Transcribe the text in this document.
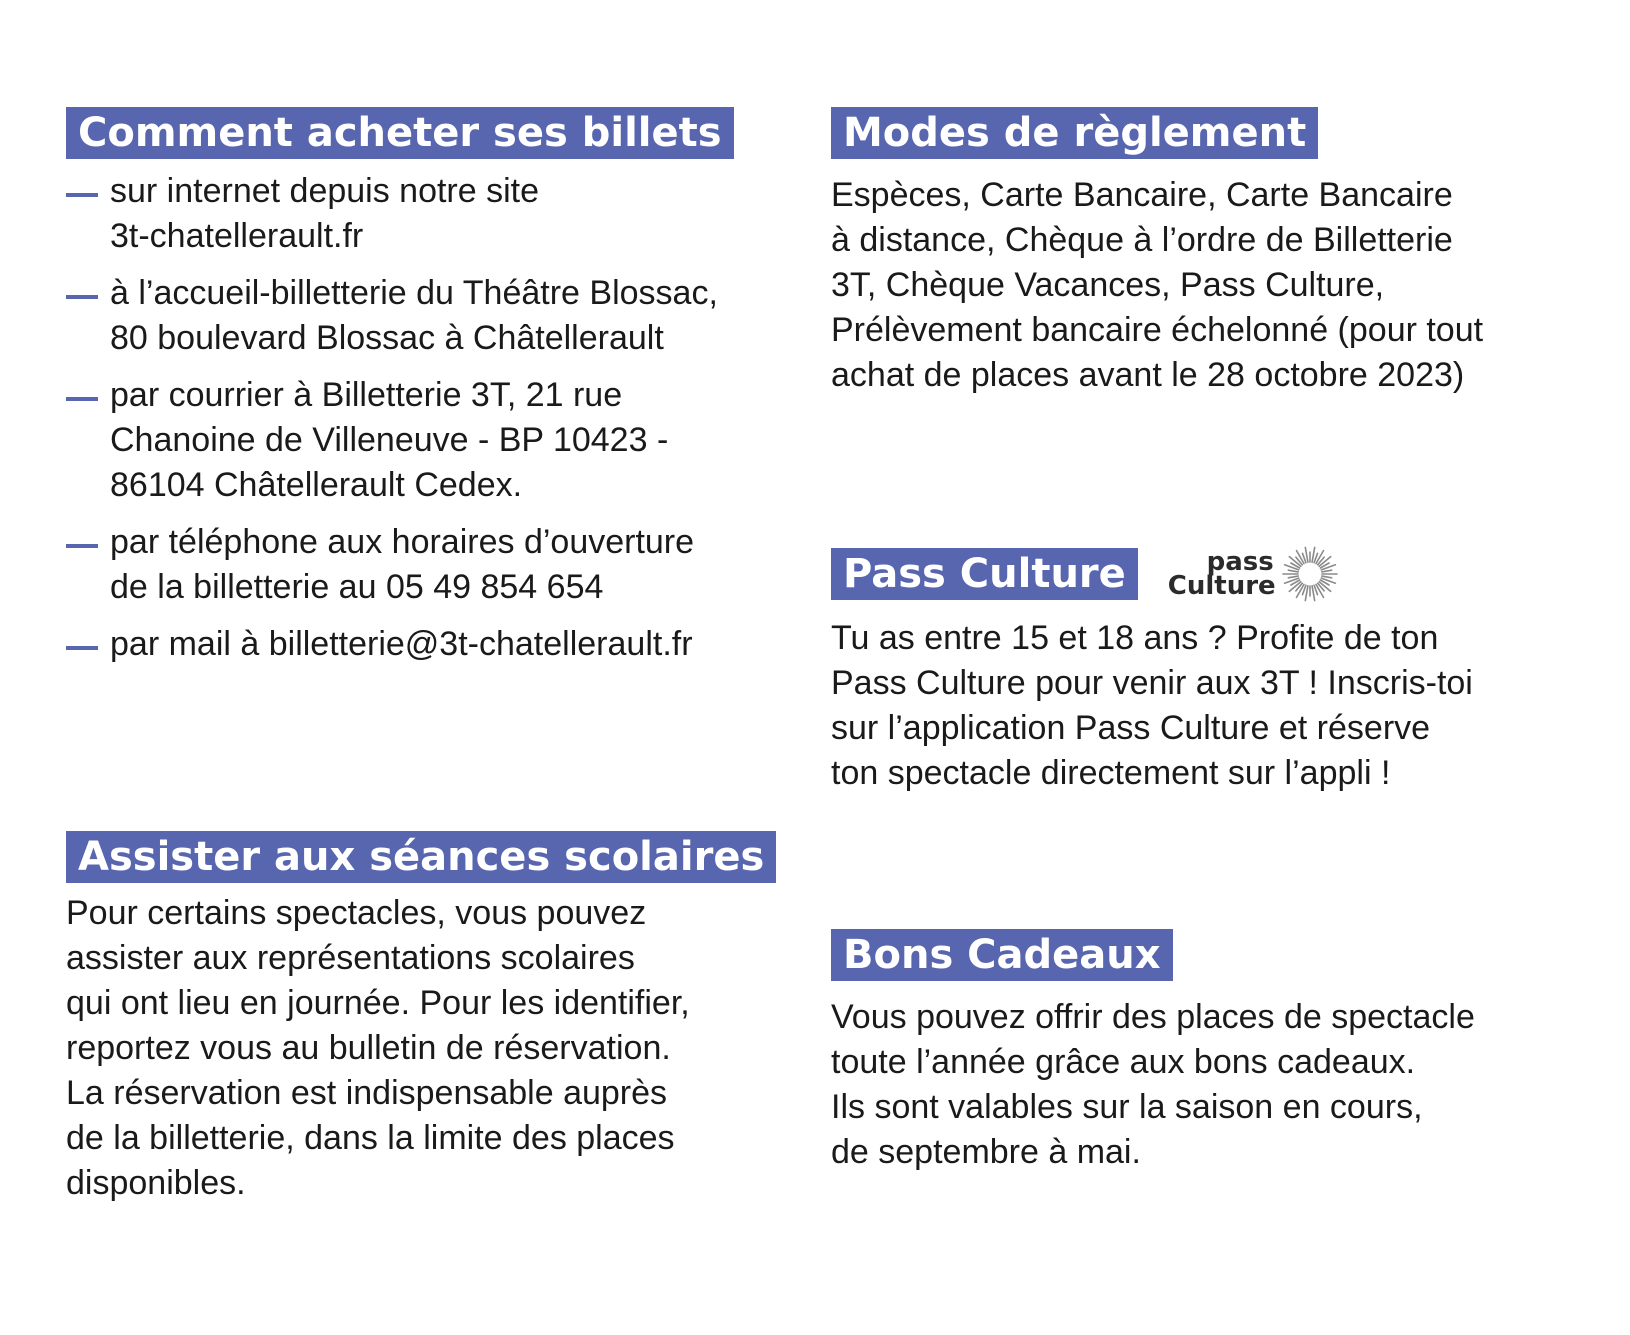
Comment acheter ses billets
sur internet depuis notre site
3t-chatellerault.fr
à l’accueil-billetterie du Théâtre Blossac,
80 boulevard Blossac à Châtellerault
par courrier à Billetterie 3T, 21 rue
Chanoine de Villeneuve - BP 10423 -
86104 Châtellerault Cedex.
par téléphone aux horaires d’ouverture
de la billetterie au 05 49 854 654
par mail à billetterie@3t-chatellerault.fr
Modes de règlement

Espèces, Carte Bancaire, Carte Bancaire

à distance, Chèque à l’ordre de Billetterie

3T, Chèque Vacances, Pass Culture,

Prélèvement bancaire échelonné (pour tout

achat de places avant le 28 octobre 2023)

Pass Culture	pass
Culture

Tu as entre 15 et 18 ans ? Profite de ton

Pass Culture pour venir aux 3T ! Inscris-toi

sur l’application Pass Culture et réserve

ton spectacle directement sur l’appli !

Assister aux séances scolaires

Pour certains spectacles, vous pouvez

assister aux représentations scolaires

qui ont lieu en journée. Pour les identifier,

reportez vous au bulletin de réservation.

La réservation est indispensable auprès

de la billetterie, dans la limite des places

disponibles.

Bons Cadeaux

Vous pouvez offrir des places de spectacle

toute l’année grâce aux bons cadeaux.

Ils sont valables sur la saison en cours,

de septembre à mai.
